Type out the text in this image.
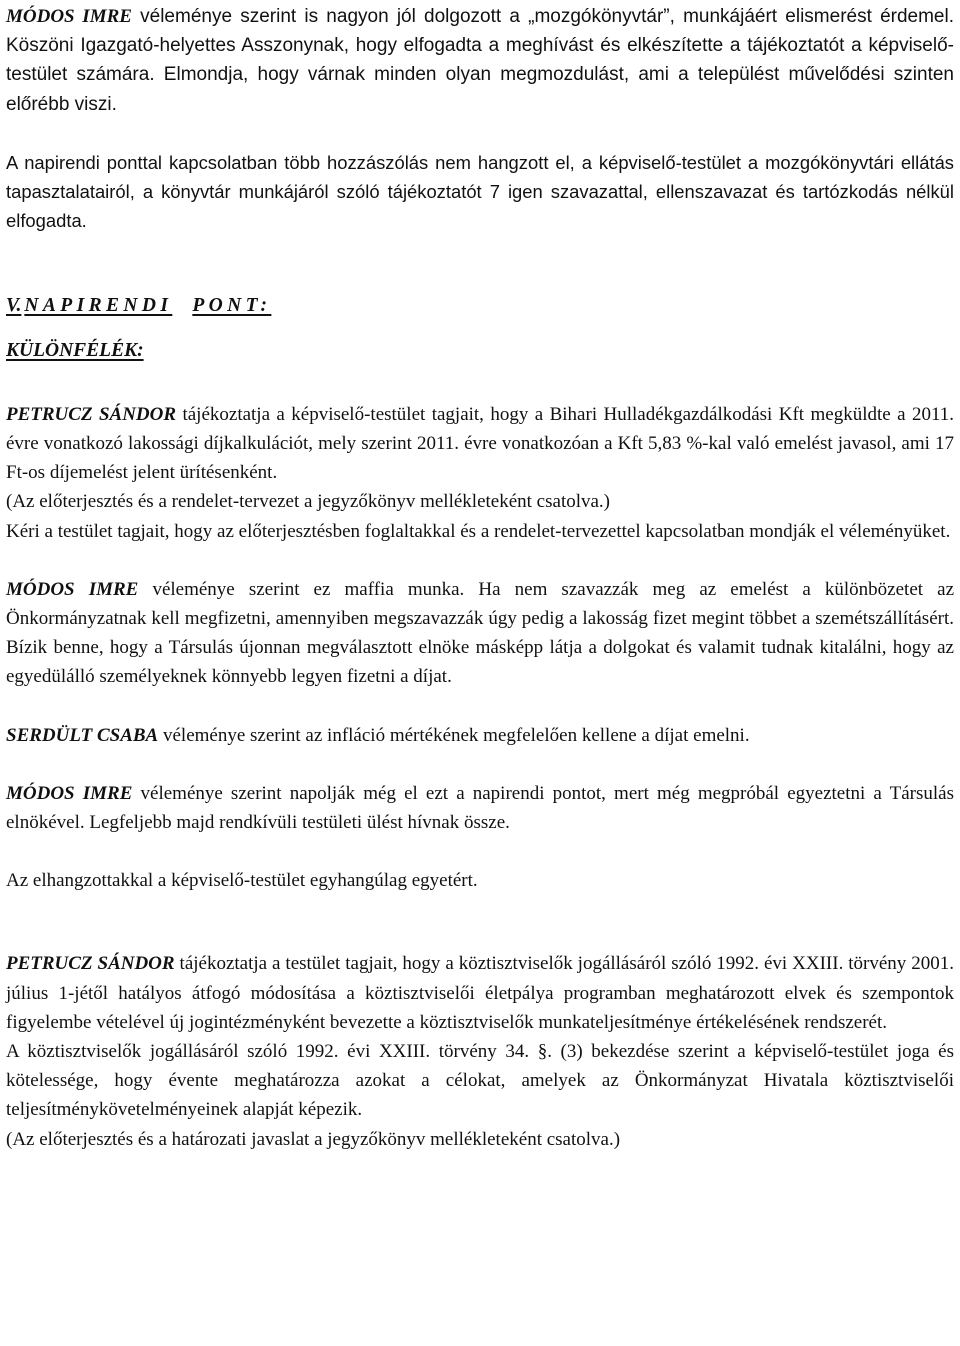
MÓDOS IMRE véleménye szerint is nagyon jól dolgozott a „mozgókönyvtár”, munkájáért elismerést érdemel. Köszöni Igazgató-helyettes Asszonynak, hogy elfogadta a meghívást és elkészítette a tájékoztatót a képviselő-testület számára. Elmondja, hogy várnak minden olyan megmozdulást, ami a települést művelődési szinten előrébb viszi.

A napirendi ponttal kapcsolatban több hozzászólás nem hangzott el, a képviselő-testület a mozgókönyvtári ellátás tapasztalatairól, a könyvtár munkájáról szóló tájékoztatót 7 igen szavazattal, ellenszavazat és tartózkodás nélkül elfogadta.

V. NAPIRENDI PONT:
KÜLÖNFÉLÉK:

PETRUCZ SÁNDOR tájékoztatja a képviselő-testület tagjait, hogy a Bihari Hulladékgazdálkodási Kft megküldte a 2011. évre vonatkozó lakossági díjkalkulációt, mely szerint 2011. évre vonatkozóan a Kft 5,83 %-kal való emelést javasol, ami 17 Ft-os díjemelést jelent ürítésenként.

(Az előterjesztés és a rendelet-tervezet a jegyzőkönyv mellékleteként csatolva.)

Kéri a testület tagjait, hogy az előterjesztésben foglaltakkal és a rendelet-tervezettel kapcsolatban mondják el véleményüket.

MÓDOS IMRE véleménye szerint ez maffia munka. Ha nem szavazzák meg az emelést a különbözetet az Önkormányzatnak kell megfizetni, amennyiben megszavazzák úgy pedig a lakosság fizet megint többet a szemétszállításért. Bízik benne, hogy a Társulás újonnan megválasztott elnöke másképp látja a dolgokat és valamit tudnak kitalálni, hogy az egyedülálló személyeknek könnyebb legyen fizetni a díjat.

SERDÜLT CSABA véleménye szerint az infláció mértékének megfelelően kellene a díjat emelni.

MÓDOS IMRE véleménye szerint napolják még el ezt a napirendi pontot, mert még megpróbál egyeztetni a Társulás elnökével. Legfeljebb majd rendkívüli testületi ülést hívnak össze.

Az elhangzottakkal a képviselő-testület egyhangúlag egyetért.

PETRUCZ SÁNDOR tájékoztatja a testület tagjait, hogy a köztisztviselők jogállásáról szóló 1992. évi XXIII. törvény 2001. július 1-jétől hatályos átfogó módosítása a köztisztviselői életpálya programban meghatározott elvek és szempontok figyelembe vételével új jogintézményként bevezette a köztisztviselők munkateljesítménye értékelésének rendszerét.

A köztisztviselők jogállásáról szóló 1992. évi XXIII. törvény 34. §. (3) bekezdése szerint a képviselő-testület joga és kötelessége, hogy évente meghatározza azokat a célokat, amelyek az Önkormányzat Hivatala köztisztviselői teljesítménykövetelményeinek alapját képezik.

(Az előterjesztés és a határozati javaslat a jegyzőkönyv mellékleteként csatolva.)
